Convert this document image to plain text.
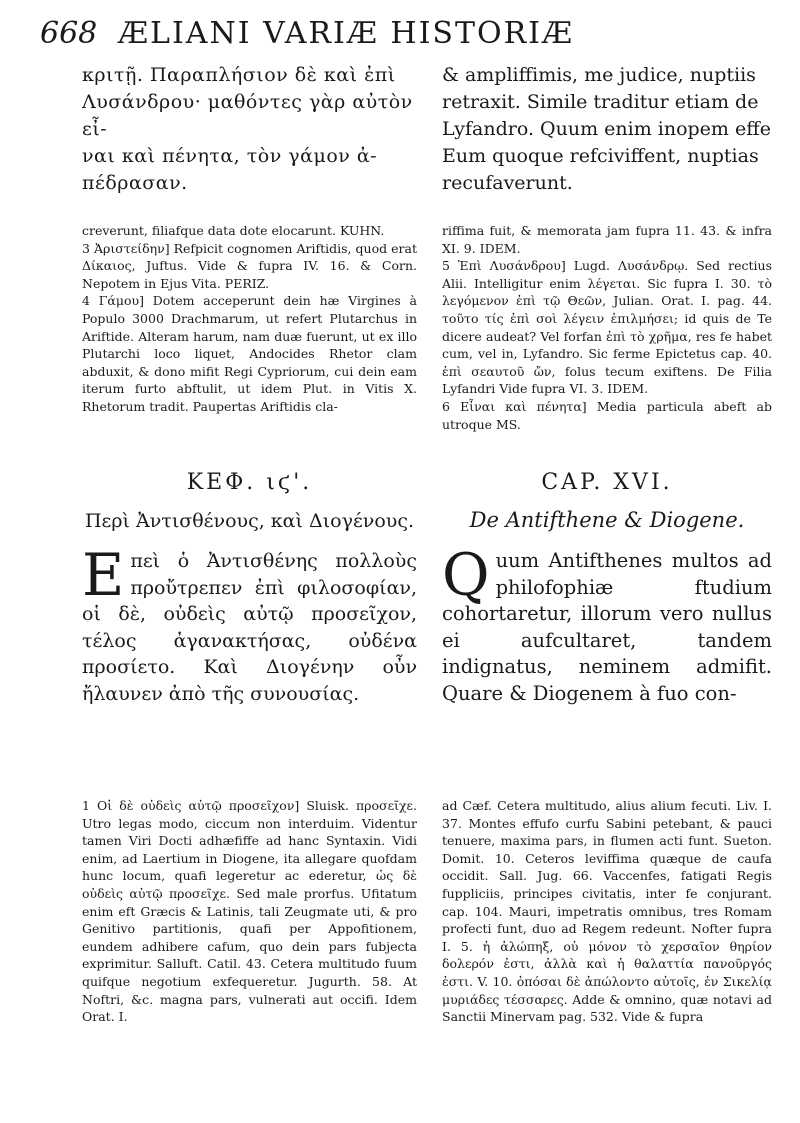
668 ÆLIANI VARIÆ HISTORIÆ
κριτῇ. Παραπλήσιον δὲ καὶ ἐπὶ
Λυσάνδρου· μαθόντες γὰρ αὐτὸν εἶ-
ναι καὶ πένητα, τὸν γάμον ἀ-
πέδρασαν.
& ampliffimis, me judice, nuptiis
retraxit. Simile traditur etiam de
Lyfandro. Quum enim inopem effe
Eum quoque refciviffent, nuptias
recufaverunt.

creverunt, filiafque data dote elocarunt. KUHN.
3 Ἀριστείδην] Refpicit cognomen Ariftidis, quod erat Δίκαιος, Juftus. Vide & fupra IV. 16. & Corn. Nepotem in Ejus Vita. PERIZ.
4 Γάμου] Dotem acceperunt dein hæ Virgines à Populo 3000 Drachmarum, ut refert Plutarchus in Ariftide. Alteram harum, nam duæ fuerunt, ut ex illo Plutarchi loco liquet, Andocides Rhetor clam abduxit, & dono mifit Regi Cypriorum, cui dein eam iterum furto abftulit, ut idem Plut. in Vitis X. Rhetorum tradit. Paupertas Ariftidis cla-

riffima fuit, & memorata jam fupra 11. 43. & infra XI. 9. IDEM.
5 Ἐπὶ Λυσάνδρου] Lugd. Λυσάνδρῳ. Sed rectius Alii. Intelligitur enim λέγεται. Sic fupra I. 30. τὸ λεγόμενον ἐπὶ τῷ Θεῶν, Julian. Orat. I. pag. 44. τοῦτο τίς ἐπὶ σοὶ λέγειν ἐπιλμήσει; id quis de Te dicere audeat? Vel forfan ἐπὶ τὸ χρῆμα, res fe habet cum, vel in, Lyfandro. Sic ferme Epictetus cap. 40. ἐπὶ σεαυτοῦ ὤν, folus tecum exiftens. De Filia Lyfandri Vide fupra VI. 3. IDEM.
6 Εἶναι καὶ πένητα] Media particula abeft ab utroque MS.

ΚΕΦ. ιϛ'.	CAP. XVI.
Περὶ Ἀντισθένους, καὶ Διογένους.	De Antifthene & Diogene.
Ε πεὶ ὁ Ἀντισθένης πολλοὺς προὔτρεπεν ἐπὶ φιλοσοφίαν, οἱ δὲ, οὐδεὶς αὐτῷ προσεῖχον, τέλος ἀγανακτήσας, οὐδένα προσίετο. Καὶ Διογένην οὖν ἤλαυνεν ἀπὸ τῆς συνουσίας.
Q uum Antifthenes multos ad philofophiæ ftudium cohortaretur, illorum vero nullus ei aufcultaret, tandem indignatus, neminem admifit. Quare & Diogenem à fuo con-

1 Οἱ δὲ οὐδεὶς αὐτῷ προσεῖχον] Sluisk. προσεῖχε. Utro legas modo, ciccum non interduim. Videntur tamen Viri Docti adhæfiffe ad hanc Syntaxin. Vidi enim, ad Laertium in Diogene, ita allegare quofdam hunc locum, quafi legeretur ac ederetur, ὡς δὲ οὐδεὶς αὐτῷ προσεῖχε. Sed male prorfus. Ufitatum enim eft Græcis & Latinis, tali Zeugmate uti, & pro Genitivo partitionis, quafi per Appofitionem, eundem adhibere cafum, quo dein pars fubjecta exprimitur. Salluft. Catil. 43. Cetera multitudo fuum quifque negotium exfequeretur. Jugurth. 58. At Noftri, &c. magna pars, vulnerati aut occifi. Idem Orat. I.

ad Cæf. Cetera multitudo, alius alium fecuti. Liv. I. 37. Montes effufo curfu Sabini petebant, & pauci tenuere, maxima pars, in flumen acti funt. Sueton. Domit. 10. Ceteros leviffima quæque de caufa occidit. Sall. Jug. 66. Vaccenfes, fatigati Regis fuppliciis, principes civitatis, inter fe conjurant. cap. 104. Mauri, impetratis omnibus, tres Romam profecti funt, duo ad Regem redeunt. Nofter fupra I. 5. ἡ ἀλώπηξ, οὐ μόνον τὸ χερσαῖον θηρίον δολερόν ἐστι, ἀλλὰ καὶ ἡ θαλαττία πανοῦργός ἐστι. V. 10. ὁπόσαι δὲ ἀπώλοντο αὐτοῖς, ἐν Σικελίᾳ μυριάδες τέσσαρες. Adde & omnino, quæ notavi ad Sanctii Minervam pag. 532. Vide & fupra
